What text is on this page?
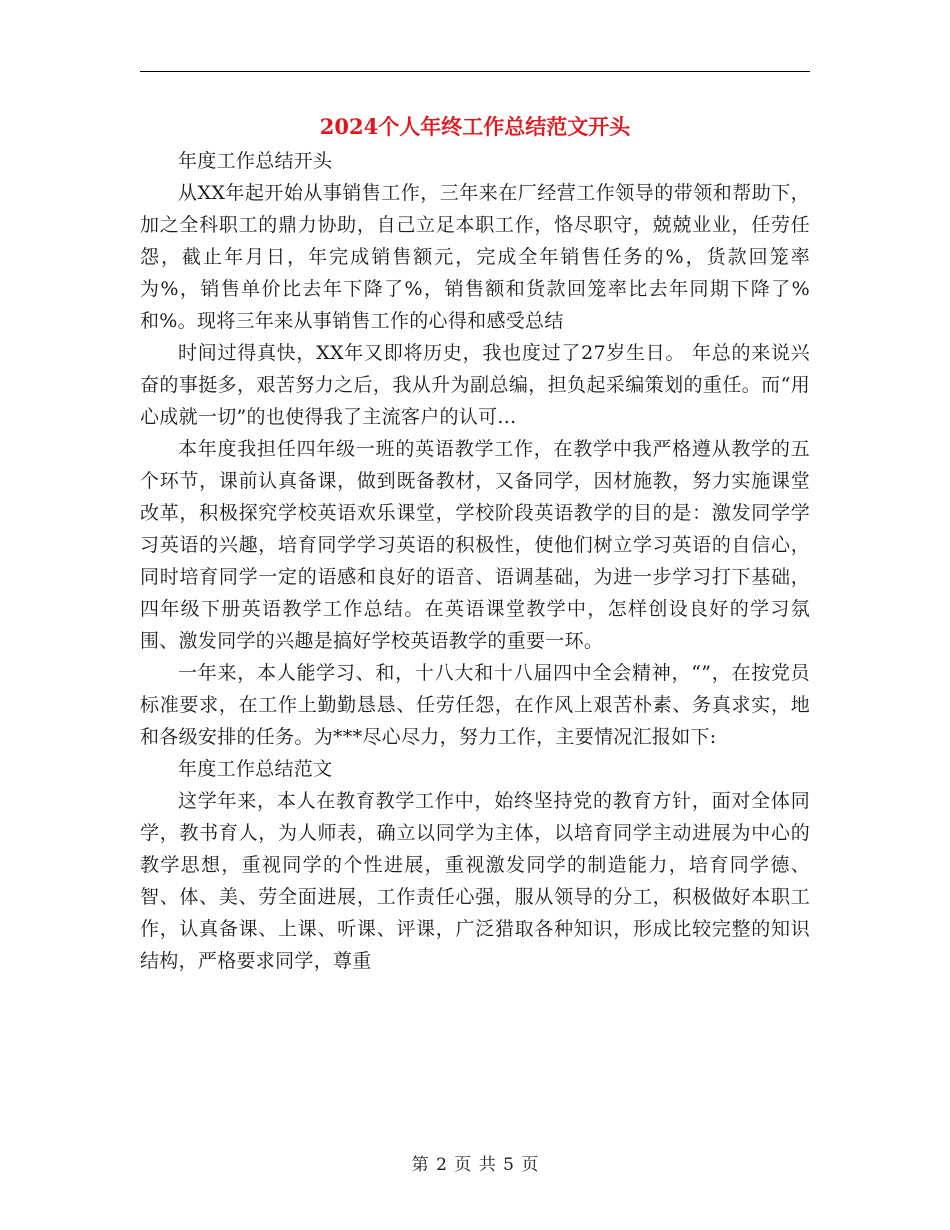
2024个人年终工作总结范文开头

年度工作总结开头

从XX年起开始从事销售工作，三年来在厂经营工作领导的带领和帮助下，加之全科职工的鼎力协助，自己立足本职工作，恪尽职守，兢兢业业，任劳任怨，截止年月日，年完成销售额元，完成全年销售任务的%，货款回笼率为%，销售单价比去年下降了%，销售额和货款回笼率比去年同期下降了%和%。现将三年来从事销售工作的心得和感受总结

时间过得真快，XX年又即将历史，我也度过了27岁生日。 年总的来说兴奋的事挺多，艰苦努力之后，我从升为副总编，担负起采编策划的重任。而“用心成就一切”的也使得我了主流客户的认可...

本年度我担任四年级一班的英语教学工作，在教学中我严格遵从教学的五个环节，课前认真备课，做到既备教材，又备同学，因材施教，努力实施课堂改革，积极探究学校英语欢乐课堂，学校阶段英语教学的目的是：激发同学学习英语的兴趣，培育同学学习英语的积极性，使他们树立学习英语的自信心，同时培育同学一定的语感和良好的语音、语调基础，为进一步学习打下基础，四年级下册英语教学工作总结。在英语课堂教学中，怎样创设良好的学习氛围、激发同学的兴趣是搞好学校英语教学的重要一环。

一年来，本人能学习、和，十八大和十八届四中全会精神，“”，在按党员标准要求，在工作上勤勤恳恳、任劳任怨，在作风上艰苦朴素、务真求实，地和各级安排的任务。为***尽心尽力，努力工作，主要情况汇报如下:

年度工作总结范文

这学年来，本人在教育教学工作中，始终坚持党的教育方针，面对全体同学，教书育人，为人师表，确立以同学为主体，以培育同学主动进展为中心的教学思想，重视同学的个性进展，重视激发同学的制造能力，培育同学德、智、体、美、劳全面进展，工作责任心强，服从领导的分工，积极做好本职工作，认真备课、上课、听课、评课，广泛猎取各种知识，形成比较完整的知识结构，严格要求同学，尊重

第 2 页 共 5 页
